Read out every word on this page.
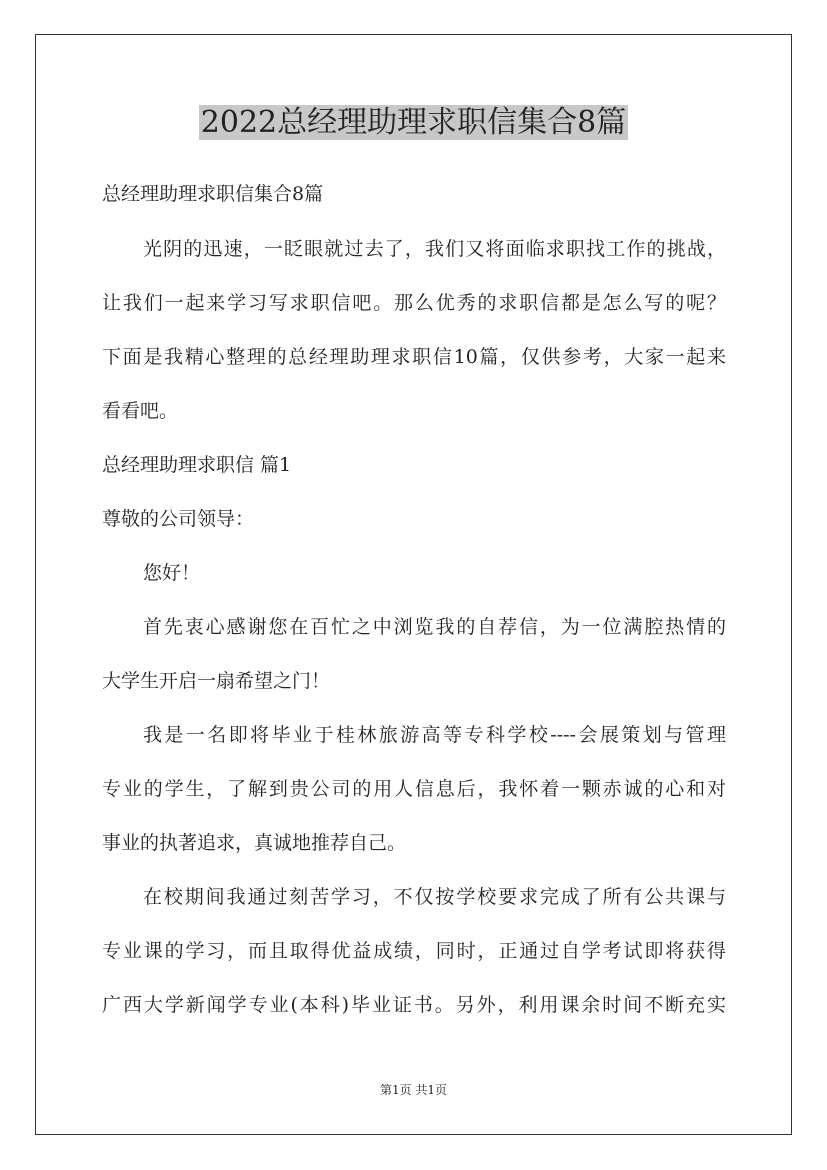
2022总经理助理求职信集合8篇
总经理助理求职信集合8篇
光阴的迅速，一眨眼就过去了，我们又将面临求职找工作的挑战，
让我们一起来学习写求职信吧。那么优秀的求职信都是怎么写的呢？
下面是我精心整理的总经理助理求职信10篇，仅供参考，大家一起来
看看吧。
总经理助理求职信 篇1
尊敬的公司领导：
您好！
首先衷心感谢您在百忙之中浏览我的自荐信，为一位满腔热情的
大学生开启一扇希望之门！
我是一名即将毕业于桂林旅游高等专科学校----会展策划与管理
专业的学生，了解到贵公司的用人信息后，我怀着一颗赤诚的心和对
事业的执著追求，真诚地推荐自己。
在校期间我通过刻苦学习，不仅按学校要求完成了所有公共课与
专业课的学习，而且取得优益成绩，同时，正通过自学考试即将获得
广西大学新闻学专业(本科)毕业证书。另外，利用课余时间不断充实
第1页 共1页
